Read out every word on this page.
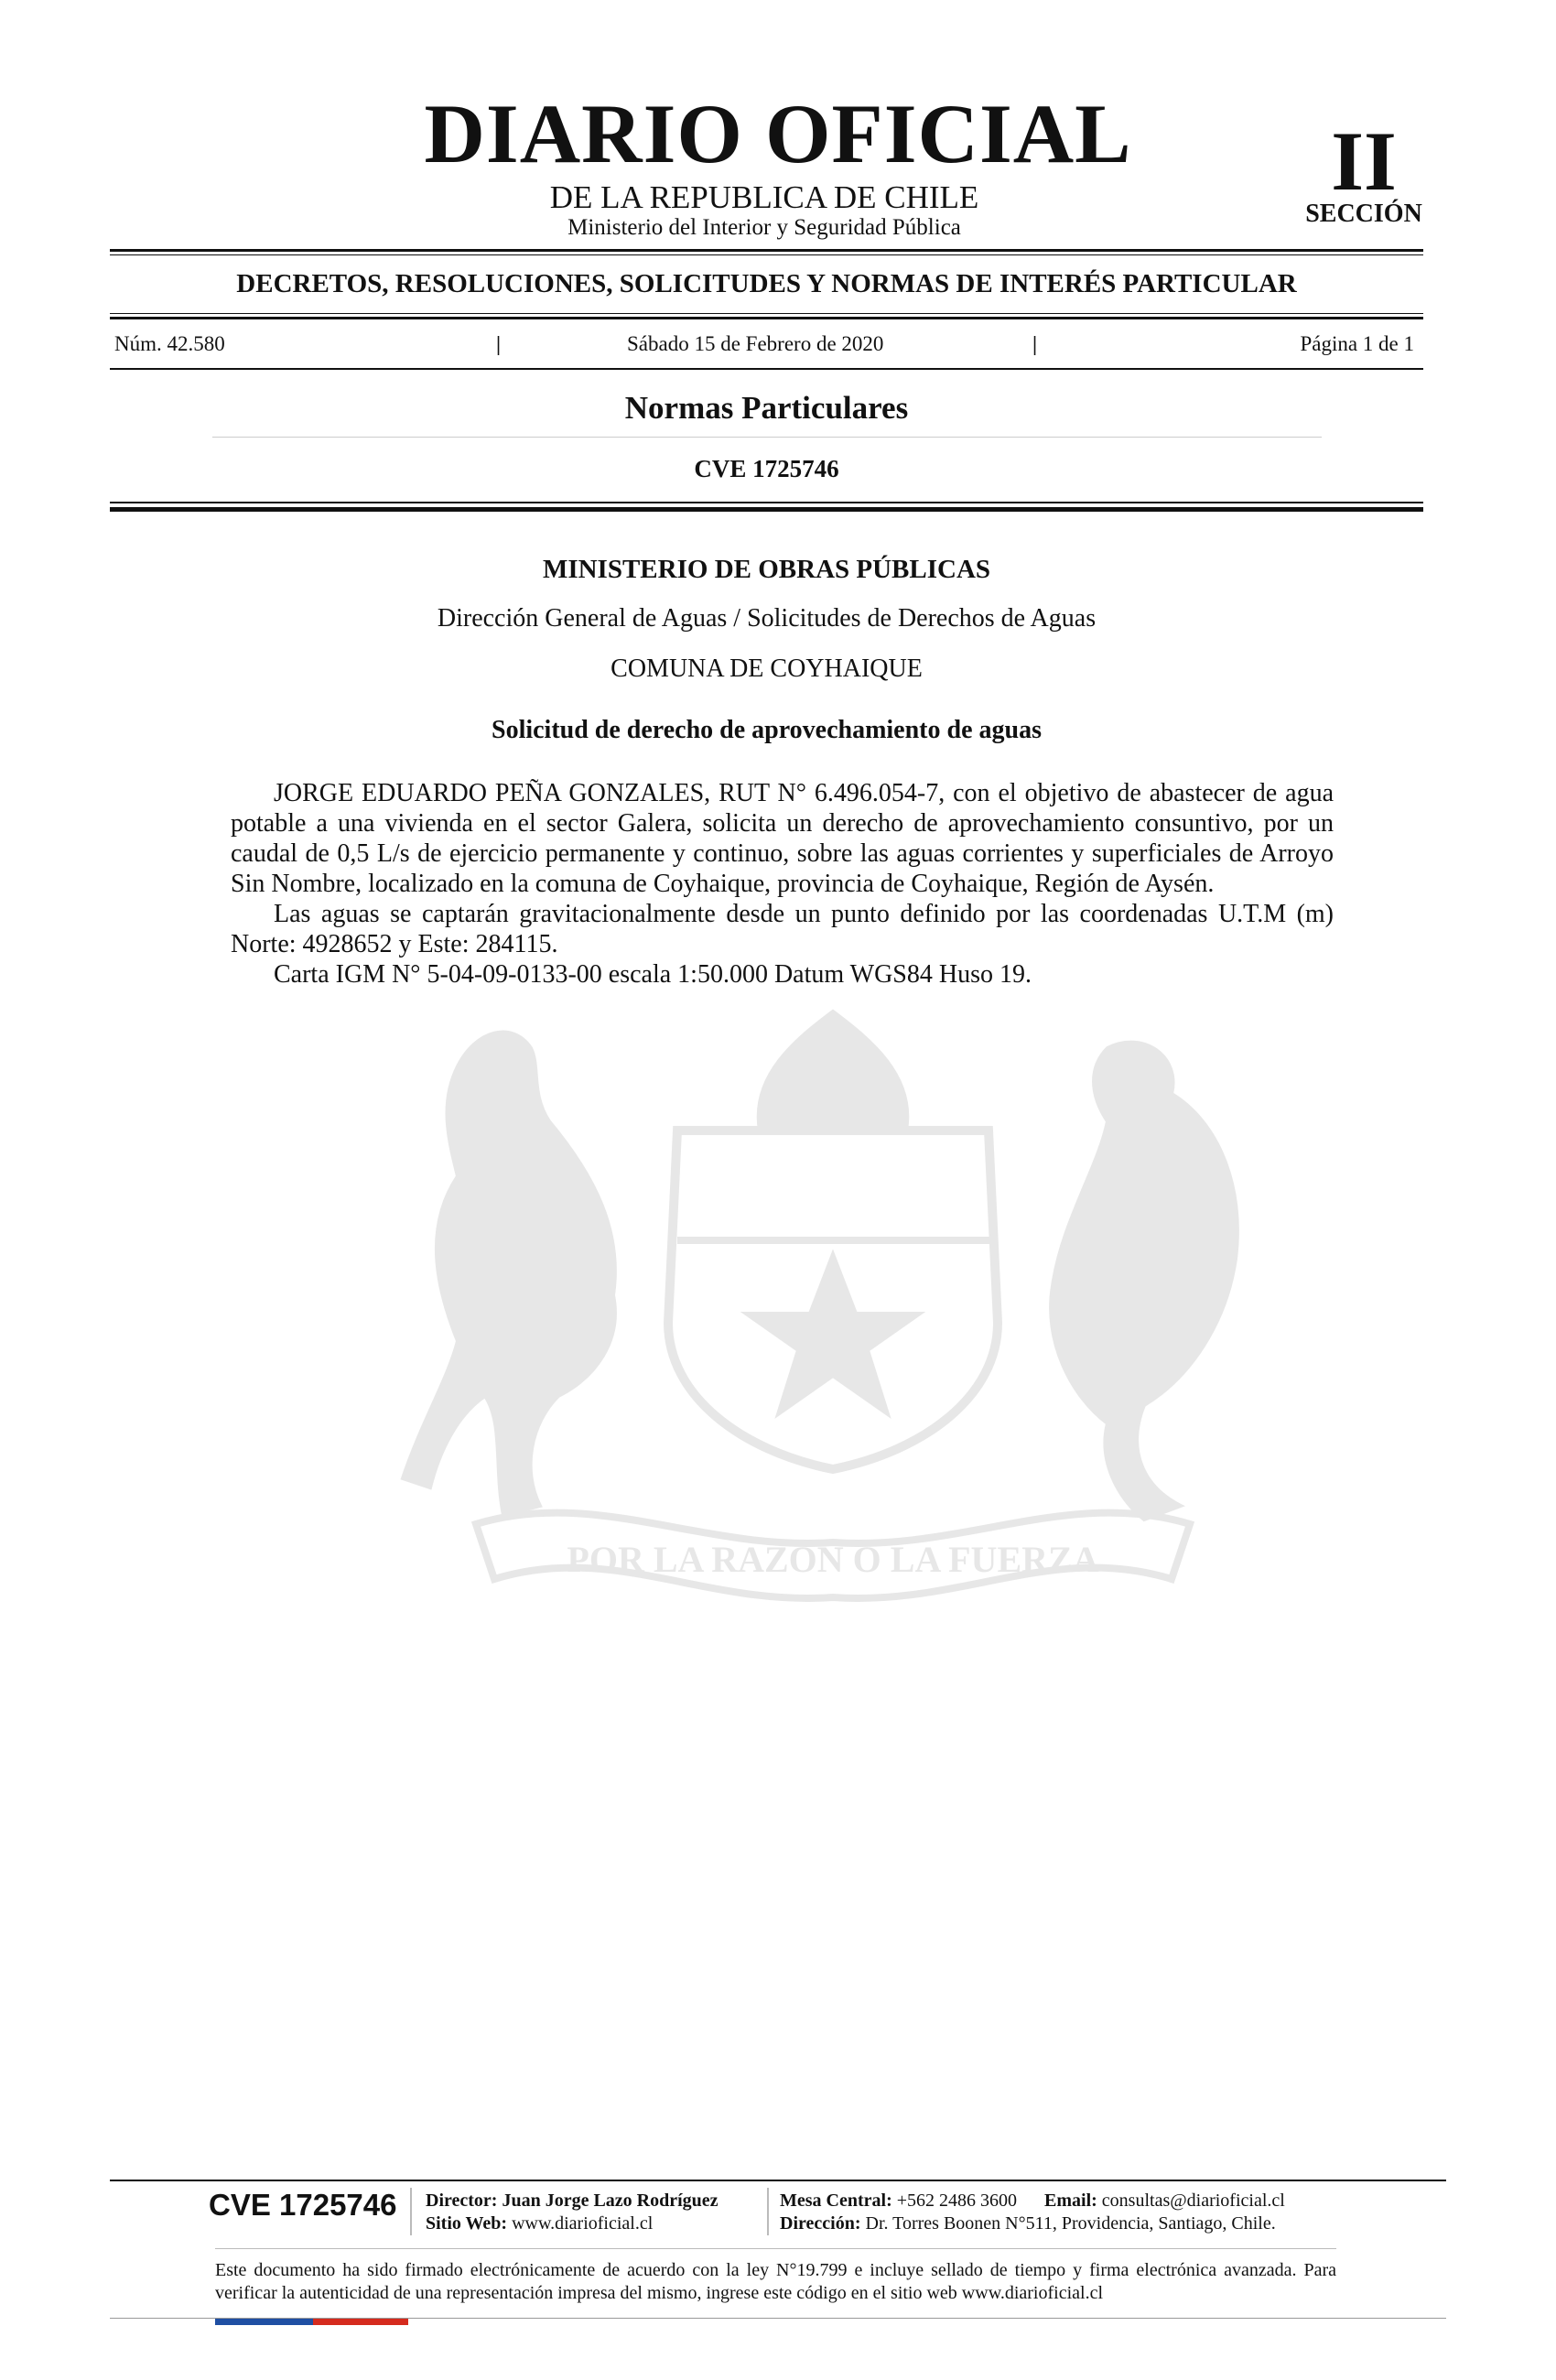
POR LA RAZON O LA FUERZA
DIARIO OFICIAL
DE LA REPUBLICA DE CHILE
Ministerio del Interior y Seguridad Pública
II
SECCIÓN
DECRETOS, RESOLUCIONES, SOLICITUDES Y NORMAS DE INTERÉS PARTICULAR
Núm. 42.580	|	Sábado 15 de Febrero de 2020	|	Página 1 de 1
Normas Particulares
CVE 1725746
MINISTERIO DE OBRAS PÚBLICAS
Dirección General de Aguas / Solicitudes de Derechos de Aguas
COMUNA DE COYHAIQUE
Solicitud de derecho de aprovechamiento de aguas

JORGE EDUARDO PEÑA GONZALES, RUT N° 6.496.054-7, con el objetivo de abastecer de agua potable a una vivienda en el sector Galera, solicita un derecho de aprovechamiento consuntivo, por un caudal de 0,5 L/s de ejercicio permanente y continuo, sobre las aguas corrientes y superficiales de Arroyo Sin Nombre, localizado en la comuna de Coyhaique, provincia de Coyhaique, Región de Aysén.

Las aguas se captarán gravitacionalmente desde un punto definido por las coordenadas U.T.M (m) Norte: 4928652 y Este: 284115.

Carta IGM N° 5-04-09-0133-00 escala 1:50.000 Datum WGS84 Huso 19.

CVE 1725746 Director: Juan Jorge Lazo Rodríguez
Sitio Web: www.diarioficial.cl
Mesa Central: +562 2486 3600 Email: consultas@diarioficial.cl
Dirección: Dr. Torres Boonen N°511, Providencia, Santiago, Chile.
Este documento ha sido firmado electrónicamente de acuerdo con la ley N°19.799 e incluye sellado de tiempo y firma electrónica avanzada. Para verificar la autenticidad de una representación impresa del mismo, ingrese este código en el sitio web www.diarioficial.cl
